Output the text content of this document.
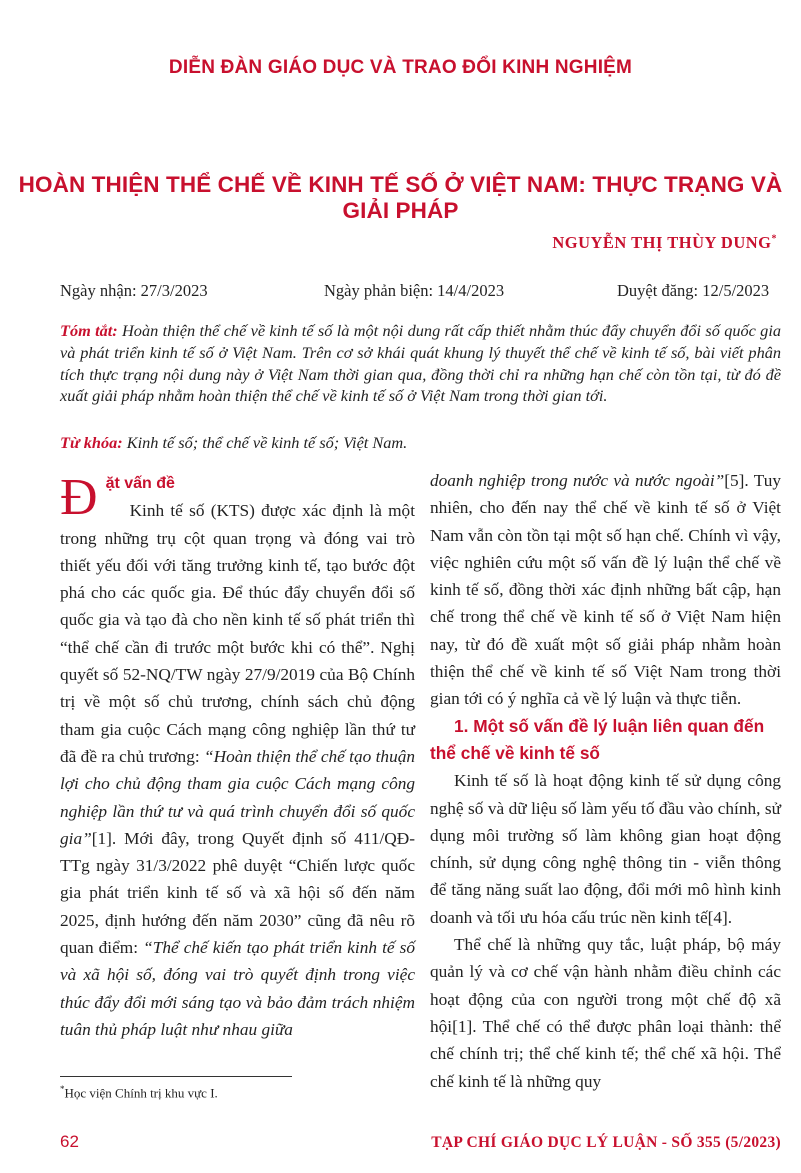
DIỄN ĐÀN GIÁO DỤC VÀ TRAO ĐỔI KINH NGHIỆM
HOÀN THIỆN THỂ CHẾ VỀ KINH TẾ SỐ Ở VIỆT NAM: THỰC TRẠNG VÀ GIẢI PHÁP
NGUYỄN THỊ THÙY DUNG*
Ngày nhận: 27/3/2023	Ngày phản biện: 14/4/2023	Duyệt đăng: 12/5/2023

Tóm tắt: Hoàn thiện thể chế về kinh tế số là một nội dung rất cấp thiết nhằm thúc đẩy chuyển đổi số quốc gia và phát triển kinh tế số ở Việt Nam. Trên cơ sở khái quát khung lý thuyết thể chế về kinh tế số, bài viết phân tích thực trạng nội dung này ở Việt Nam thời gian qua, đồng thời chỉ ra những hạn chế còn tồn tại, từ đó đề xuất giải pháp nhằm hoàn thiện thể chế về kinh tế số ở Việt Nam trong thời gian tới.

Từ khóa: Kinh tế số; thể chế về kinh tế số; Việt Nam.

Đ ặt vấn đề

Kinh tế số (KTS) được xác định là một trong những trụ cột quan trọng và đóng vai trò thiết yếu đối với tăng trưởng kinh tế, tạo bước đột phá cho các quốc gia. Để thúc đẩy chuyển đổi số quốc gia và tạo đà cho nền kinh tế số phát triển thì “thể chế cần đi trước một bước khi có thể”. Nghị quyết số 52-NQ/TW ngày 27/9/2019 của Bộ Chính trị về một số chủ trương, chính sách chủ động tham gia cuộc Cách mạng công nghiệp lần thứ tư đã đề ra chủ trương: “Hoàn thiện thể chế tạo thuận lợi cho chủ động tham gia cuộc Cách mạng công nghiệp lần thứ tư và quá trình chuyển đổi số quốc gia”[1]. Mới đây, trong Quyết định số 411/QĐ-TTg ngày 31/3/2022 phê duyệt “Chiến lược quốc gia phát triển kinh tế số và xã hội số đến năm 2025, định hướng đến năm 2030” cũng đã nêu rõ quan điểm: “Thể chế kiến tạo phát triển kinh tế số và xã hội số, đóng vai trò quyết định trong việc thúc đẩy đổi mới sáng tạo và bảo đảm trách nhiệm tuân thủ pháp luật như nhau giữa

doanh nghiệp trong nước và nước ngoài”[5]. Tuy nhiên, cho đến nay thể chế về kinh tế số ở Việt Nam vẫn còn tồn tại một số hạn chế. Chính vì vậy, việc nghiên cứu một số vấn đề lý luận thể chế về kinh tế số, đồng thời xác định những bất cập, hạn chế trong thể chế về kinh tế số ở Việt Nam hiện nay, từ đó đề xuất một số giải pháp nhằm hoàn thiện thể chế về kinh tế số Việt Nam trong thời gian tới có ý nghĩa cả về lý luận và thực tiễn.

1. Một số vấn đề lý luận liên quan đến thể chế về kinh tế số

Kinh tế số là hoạt động kinh tế sử dụng công nghệ số và dữ liệu số làm yếu tố đầu vào chính, sử dụng môi trường số làm không gian hoạt động chính, sử dụng công nghệ thông tin - viễn thông để tăng năng suất lao động, đổi mới mô hình kinh doanh và tối ưu hóa cấu trúc nền kinh tế[4].

Thể chế là những quy tắc, luật pháp, bộ máy quản lý và cơ chế vận hành nhằm điều chỉnh các hoạt động của con người trong một chế độ xã hội[1]. Thể chế có thể được phân loại thành: thể chế chính trị; thể chế kinh tế; thể chế xã hội. Thể chế kinh tế là những quy

*Học viện Chính trị khu vực I.
62	TẠP CHÍ GIÁO DỤC LÝ LUẬN - SỐ 355 (5/2023)
